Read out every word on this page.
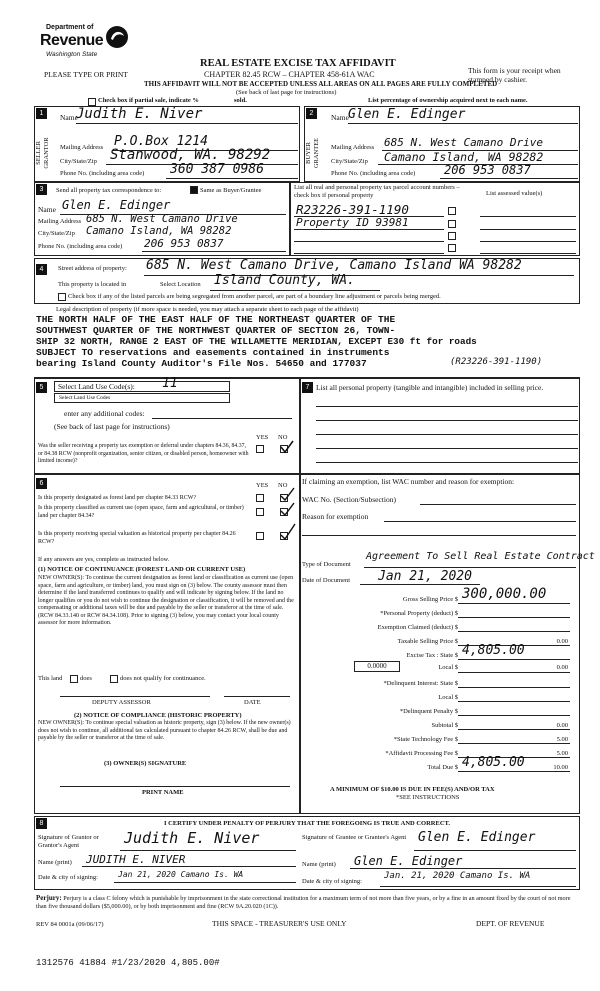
Department of
Revenue
Washington State
PLEASE TYPE OR PRINT
REAL ESTATE EXCISE TAX AFFIDAVIT
CHAPTER 82.45 RCW – CHAPTER 458-61A WAC
THIS AFFIDAVIT WILL NOT BE ACCEPTED UNLESS ALL AREAS ON ALL PAGES ARE FULLY COMPLETED
(See back of last page for instructions)
This form is your receipt when stamped by cashier.
Check box if partial sale, indicate %	sold.	List percentage of ownership acquired next to each name.
1	2
SELLER GRANTOR	BUYER GRANTEE
Name
Judith E. Niver
Mailing Address P.O.Box 1214
City/State/Zip Stanwood, WA. 98292
Phone No. (including area code) 360 387 0986
Name Glen E. Edinger
Mailing Address 685 N. West Camano Drive
City/State/Zip Camano Island, WA 98282
Phone No. (including area code) 206 953 0837
3	Send all property tax correspondence to:	Same as Buyer/Grantee
Name Glen E. Edinger
Mailing Address 685 N. West Camano Drive
City/State/Zip Camano Island, WA 98282
Phone No. (including area code) 206 953 0837
List all real and personal property tax parcel account numbers – check box if personal property	List assessed value(s)
R23226-391-1190
Property ID 93981
4	Street address of property: 685 N. West Camano Drive, Camano Island WA 98282
This property is located in	Select Location Island County, WA.
Check box if any of the listed parcels are being segregated from another parcel, are part of a boundary line adjustment or parcels being merged.
Legal description of property (if more space is needed, you may attach a separate sheet to each page of the affidavit)
THE NORTH HALF OF THE EAST HALF OF THE NORTHEAST QUARTER OF THE
SOUTHWEST QUARTER OF THE NORTHWEST QUARTER OF SECTION 26, TOWN-
SHIP 32 NORTH, RANGE 2 EAST OF THE WILLAMETTE MERIDIAN, EXCEPT E30 ft for roads
SUBJECT TO reservations and easements contained in instruments
bearing Island County Auditor's File Nos. 54650 and 177037	(R23226-391-1190)
5	Select Land Use Code(s): 11
Select Land Use Codes
enter any additional codes:
(See back of last page for instructions)
YES NO
Was the seller receiving a property tax exemption or deferral under chapters 84.36, 84.37, or 84.38 RCW (nonprofit organization, senior citizen, or disabled person, homeowner with limited income)?
7 List all personal property (tangible and intangible) included in selling price.
6	YES NO
Is this property designated as forest land per chapter 84.33 RCW?
Is this property classified as current use (open space, farm and agricultural, or timber) land per chapter 84.34?
Is this property receiving special valuation as historical property per chapter 84.26 RCW?
If any answers are yes, complete as instructed below.
(1) NOTICE OF CONTINUANCE (FOREST LAND OR CURRENT USE)
NEW OWNER(S): To continue the current designation as forest land or classification as current use (open space, farm and agriculture, or timber) land, you must sign on (3) below. The county assessor must then determine if the land transferred continues to qualify and will indicate by signing below. If the land no longer qualifies or you do not wish to continue the designation or classification, it will be removed and the compensating or additional taxes will be due and payable by the seller or transferor at the time of sale. (RCW 84.33.140 or RCW 84.34.108). Prior to signing (3) below, you may contact your local county assessor for more information.
This land	does	does not qualify for continuance.
DEPUTY ASSESSOR	DATE
(2) NOTICE OF COMPLIANCE (HISTORIC PROPERTY)
NEW OWNER(S): To continue special valuation as historic property, sign (3) below. If the new owner(s) does not wish to continue, all additional tax calculated pursuant to chapter 84.26 RCW, shall be due and payable by the seller or transferor at the time of sale.
(3) OWNER(S) SIGNATURE
PRINT NAME
If claiming an exemption, list WAC number and reason for exemption:
WAC No. (Section/Subsection)
Reason for exemption
Type of Document
Agreement To Sell Real Estate Contract
Date of Document Jan 21, 2020
Gross Selling Price $ 300,000.00
*Personal Property (deduct) $
Exemption Claimed (deduct) $
Taxable Selling Price $	0.00
Excise Tax : State $ 4,805.00
0.0000	Local $	0.00
*Delinquent Interest: State $
Local $
*Delinquent Penalty $
Subtotal $	0.00
*State Technology Fee $	5.00
*Affidavit Processing Fee $	5.00
Total Due $ 4,805.00	10.00
A MINIMUM OF $10.00 IS DUE IN FEE(S) AND/OR TAX
*SEE INSTRUCTIONS
8	I CERTIFY UNDER PENALTY OF PERJURY THAT THE FOREGOING IS TRUE AND CORRECT.
Signature of Grantor or Grantor's Agent	Judith E. Niver
Name (print) JUDITH E. NIVER
Date & city of signing:	Jan 21, 2020 Camano Is. WA
Signature of Grantee or Grantee's Agent Glen E. Edinger
Name (print) Glen E. Edinger
Date & city of signing:
Jan. 21, 2020 Camano Is. WA
Perjury: Perjury is a class C felony which is punishable by imprisonment in the state correctional institution for a maximum term of not more than five years, or by a fine in an amount fixed by the court of not more than five thousand dollars ($5,000.00), or by both imprisonment and fine (RCW 9A.20.020 (1C)).
REV 84 0001a (09/06/17)	THIS SPACE - TREASURER'S USE ONLY	DEPT. OF REVENUE
1312576 41884 #1/23/2020 4,805.00#
